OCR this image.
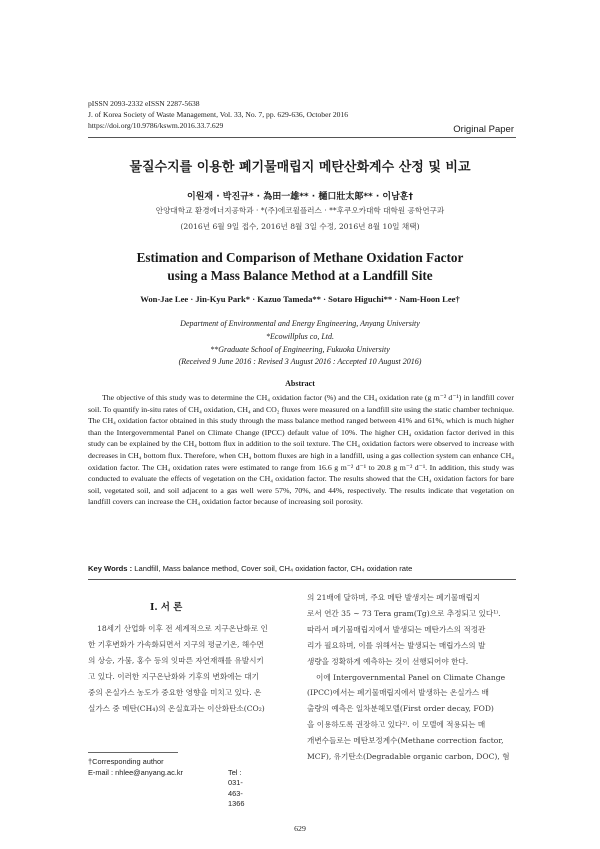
pISSN 2093-2332 eISSN 2287-5638
J. of Korea Society of Waste Management, Vol. 33, No. 7, pp. 629-636, October 2016
https://doi.org/10.9786/kswm.2016.33.7.629	Original Paper
물질수지를 이용한 폐기물매립지 메탄산화계수 산정 및 비교
이원재 · 박진규* · 為田一雄** · 樋口壯太郞** · 이남훈†
안양대학교 환경에너지공학과 · *(주)에코윌플러스 · **후쿠오카대학 대학원 공학연구과
(2016년 6월 9일 접수, 2016년 8월 3일 수정, 2016년 8월 10일 채택)
Estimation and Comparison of Methane Oxidation Factor
using a Mass Balance Method at a Landfill Site
Won-Jae Lee · Jin-Kyu Park* · Kazuo Tameda** · Sotaro Higuchi** · Nam-Hoon Lee†
Department of Environmental and Energy Engineering, Anyang University
*Ecowillplus co, Ltd.
**Graduate School of Engineering, Fukuoka University
(Received 9 June 2016 : Revised 3 August 2016 : Accepted 10 August 2016)
Abstract

The objective of this study was to determine the CH₄ oxidation factor (%) and the CH₄ oxidation rate (g m⁻² d⁻¹) in landfill cover soil. To quantify in-situ rates of CH₄ oxidation, CH₄ and CO₂ fluxes were measured on a landfill site using the static chamber technique. The CH₄ oxidation factor obtained in this study through the mass balance method ranged between 41% and 61%, which is much higher than the Intergovernmental Panel on Climate Change (IPCC) default value of 10%. The higher CH₄ oxidation factor derived in this study can be explained by the CH₄ bottom flux in addition to the soil texture. The CH₄ oxidation factors were observed to increase with decreases in CH₄ bottom flux. Therefore, when CH₄ bottom fluxes are high in a landfill, using a gas collection system can enhance CH₄ oxidation factor. The CH₄ oxidation rates were estimated to range from 16.6 g m⁻² d⁻¹ to 20.8 g m⁻² d⁻¹. In addition, this study was conducted to evaluate the effects of vegetation on the CH₄ oxidation factor. The results showed that the CH₄ oxidation factors for bare soil, vegetated soil, and soil adjacent to a gas well were 57%, 70%, and 44%, respectively. The results indicate that vegetation on landfill covers can increase the CH₄ oxidation factor because of increasing soil porosity.

Key Words : Landfill, Mass balance method, Cover soil, CH₄ oxidation factor, CH₄ oxidation rate
I. 서 론
18세기 산업화 이후 전 세계적으로 지구온난화로 인
한 기후변화가 가속화되면서 지구의 평균기온, 해수면
의 상승, 가뭄, 홍수 등의 잇따른 자연재해를 유발시키
고 있다. 이러한 지구온난화와 기후의 변화에는 대기
중의 온실가스 농도가 중요한 영향을 미치고 있다. 온
실가스 중 메탄(CH₄)의 온실효과는 이산화탄소(CO₂)
의 21배에 달하며, 주요 메탄 발생지는 폐기물매립지
로서 연간 35 ~ 73 Tera gram(Tg)으로 추정되고 있다¹⁾.
따라서 폐기물매립지에서 발생되는 메탄가스의 적정관
리가 필요하며, 이를 위해서는 발생되는 매립가스의 발
생량을 정확하게 예측하는 것이 선행되어야 한다.
이에 Intergovernmental Panel on Climate Change
(IPCC)에서는 폐기물매립지에서 발생하는 온실가스 배
출량의 예측은 일차분해모델(First order decay, FOD)
을 이용하도록 권장하고 있다²⁾. 이 모델에 적용되는 매
개변수들로는 메탄보정계수(Methane correction factor,
MCF), 유기탄소(Degradable organic carbon, DOC), 혐
†Corresponding author
E-mail : nhlee@anyang.ac.kr	Tel : 031-463-1366
629
